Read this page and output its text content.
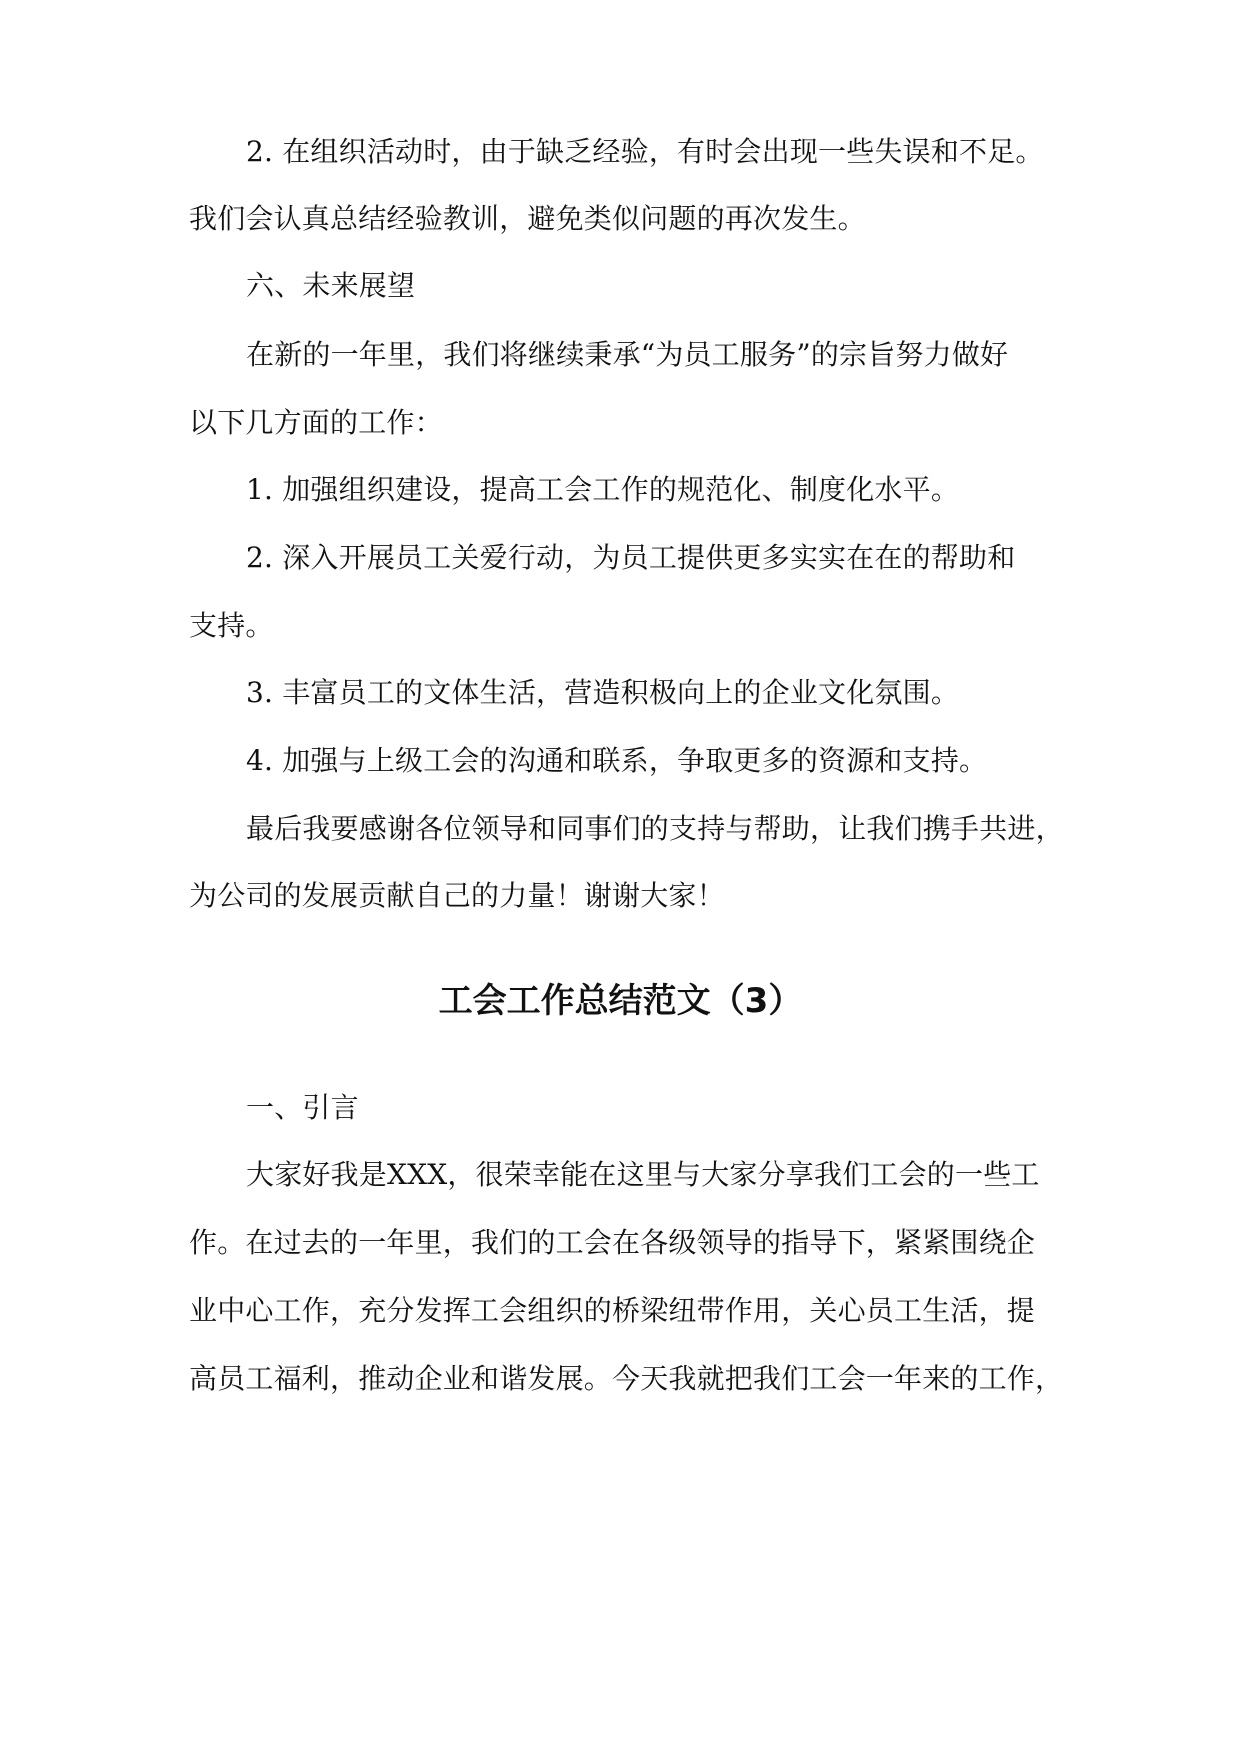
2. 在组织活动时，由于缺乏经验，有时会出现一些失误和不足。
我们会认真总结经验教训，避免类似问题的再次发生。
六、未来展望
在新的一年里，我们将继续秉承“为员工服务”的宗旨努力做好
以下几方面的工作：
1. 加强组织建设，提高工会工作的规范化、制度化水平。
2. 深入开展员工关爱行动，为员工提供更多实实在在的帮助和
支持。
3. 丰富员工的文体生活，营造积极向上的企业文化氛围。
4. 加强与上级工会的沟通和联系，争取更多的资源和支持。
最后我要感谢各位领导和同事们的支持与帮助，让我们携手共进，
为公司的发展贡献自己的力量！谢谢大家！
工会工作总结范文（3）
一、引言
大家好我是XXX，很荣幸能在这里与大家分享我们工会的一些工
作。在过去的一年里，我们的工会在各级领导的指导下，紧紧围绕企
业中心工作，充分发挥工会组织的桥梁纽带作用，关心员工生活，提
高员工福利，推动企业和谐发展。今天我就把我们工会一年来的工作，
